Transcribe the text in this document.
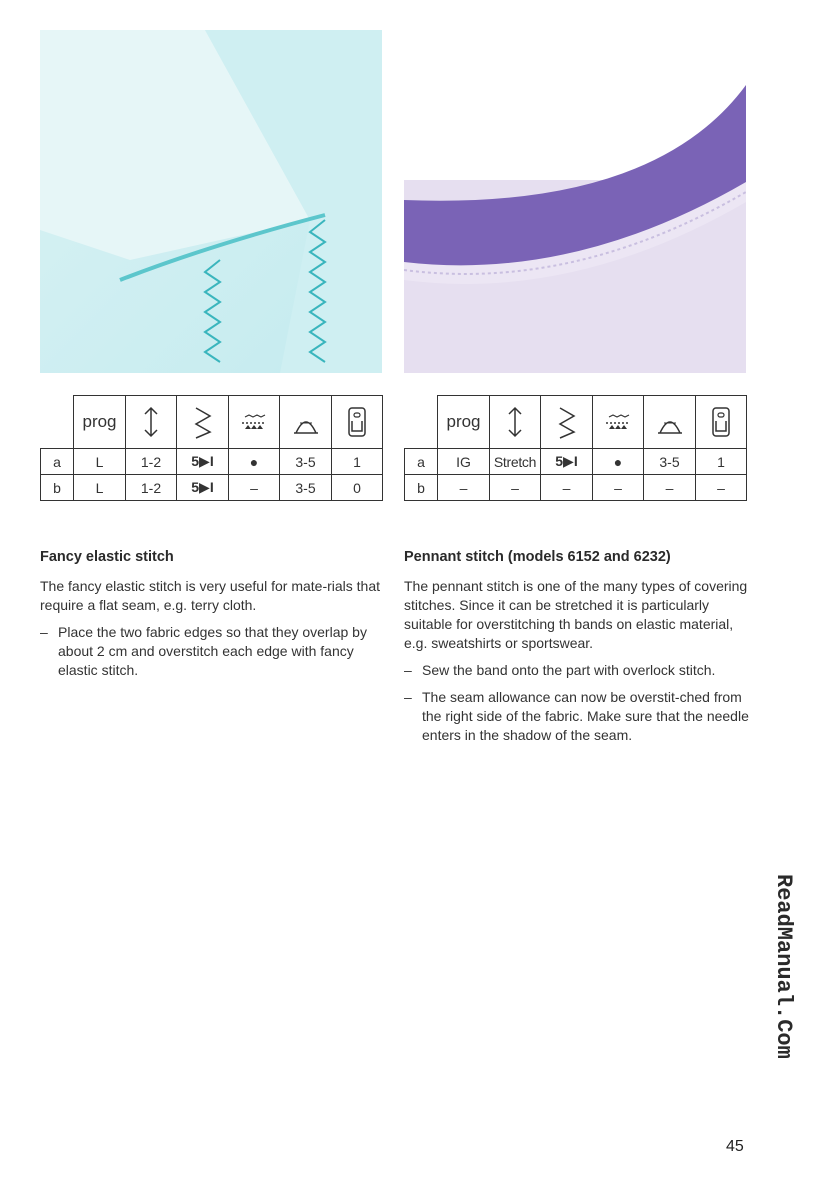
	prog					
a	L	1-2	5▶I	●	3-5	1
b	L	1-2	5▶I	–	3-5	0
	prog					
a	IG	Stretch	5▶I	●	3-5	1
b	–	–	–	–	–	–
Fancy elastic stitch

The fancy elastic stitch is very useful for mate-rials that require a flat seam, e.g. terry cloth.

– Place the two fabric edges so that they overlap by about 2 cm and overstitch each edge with fancy elastic stitch.
Pennant stitch (models 6152 and 6232)

The pennant stitch is one of the many types of covering stitches. Since it can be stretched it is particularly suitable for overstitching th bands on elastic material, e.g. sweatshirts or sportswear.

– Sew the band onto the part with overlock stitch.
– The seam allowance can now be overstit-ched from the right side of the fabric. Make sure that the needle enters in the shadow of the seam.
ReadManual.Com
45
